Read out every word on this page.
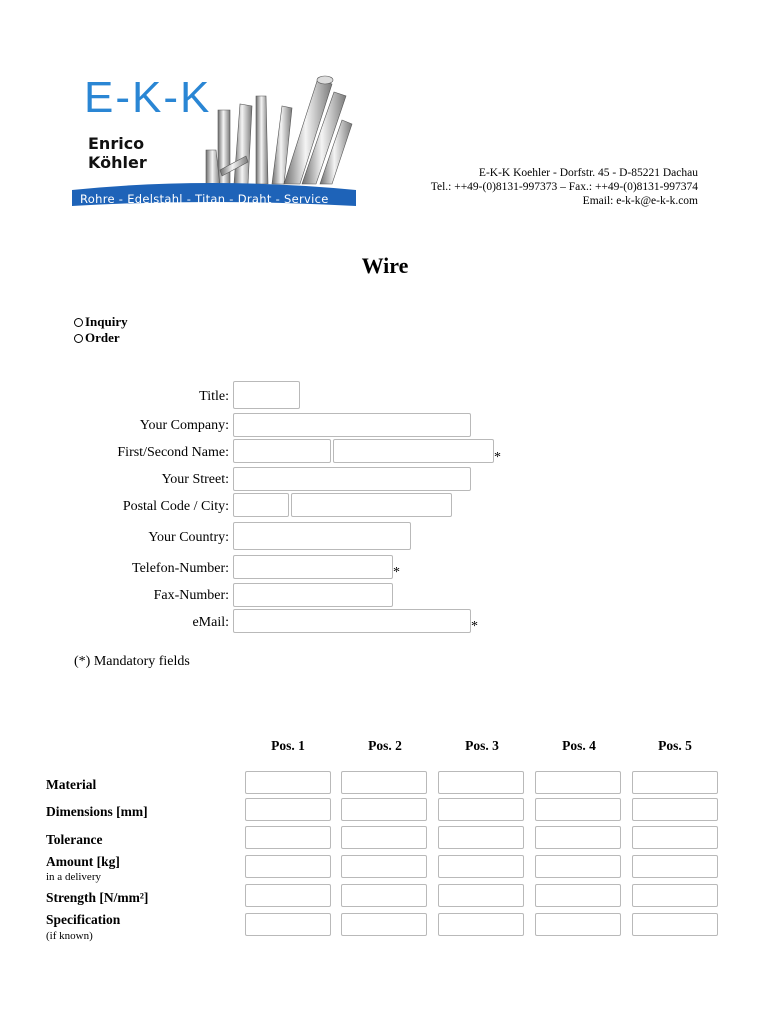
E-K-K
Enrico
Köhler
Rohre - Edelstahl - Titan - Draht - Service
E-K-K Koehler - Dorfstr. 45 - D-85221 Dachau
Tel.: ++49-(0)8131-997373 – Fax.: ++49-(0)8131-997374
Email: e-k-k@e-k-k.com
Wire
Inquiry
Order
Title:
Your Company:
First/Second Name:	*
Your Street:
Postal Code / City:
Your Country:
Telefon-Number:	*
Fax-Number:
eMail:	*
(*) Mandatory fields
Pos. 1	Pos. 2	Pos. 3	Pos. 4	Pos. 5
Material
Dimensions [mm]
Tolerance
Amount [kg]
in a delivery
Strength [N/mm²]
Specification
(if known)
